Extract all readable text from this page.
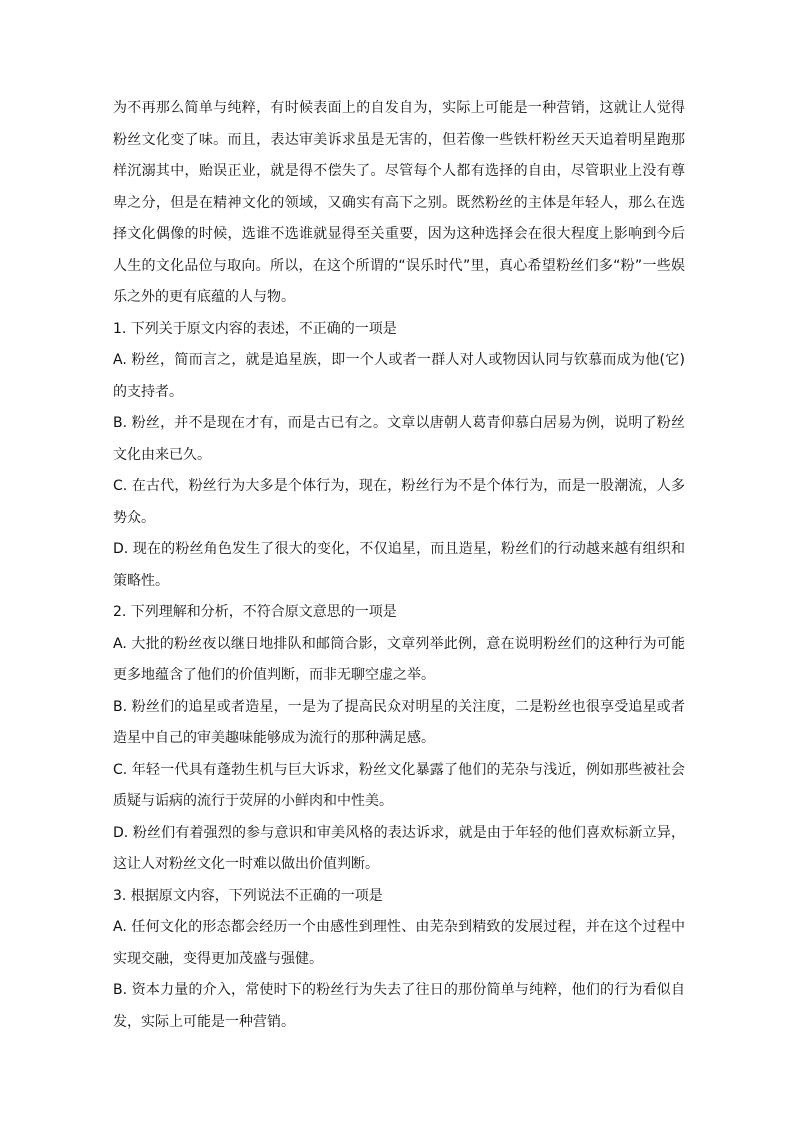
为不再那么简单与纯粹，有时候表面上的自发自为，实际上可能是一种营销，这就让人觉得粉丝文化变了味。而且，表达审美诉求虽是无害的，但若像一些铁杆粉丝天天追着明星跑那样沉溺其中，贻误正业，就是得不偿失了。尽管每个人都有选择的自由，尽管职业上没有尊卑之分，但是在精神文化的领域，又确实有高下之别。既然粉丝的主体是年轻人，那么在选择文化偶像的时候，选谁不选谁就显得至关重要，因为这种选择会在很大程度上影响到今后人生的文化品位与取向。所以，在这个所谓的“误乐时代”里，真心希望粉丝们多“粉”一些娱乐之外的更有底蕴的人与物。

1. 下列关于原文内容的表述，不正确的一项是

A. 粉丝，简而言之，就是追星族，即一个人或者一群人对人或物因认同与钦慕而成为他(它)的支持者。

B. 粉丝，并不是现在才有，而是古已有之。文章以唐朝人葛青仰慕白居易为例，说明了粉丝文化由来已久。

C. 在古代，粉丝行为大多是个体行为，现在，粉丝行为不是个体行为，而是一股潮流，人多势众。

D. 现在的粉丝角色发生了很大的变化，不仅追星，而且造星，粉丝们的行动越来越有组织和策略性。

2. 下列理解和分析，不符合原文意思的一项是

A. 大批的粉丝夜以继日地排队和邮筒合影，文章列举此例，意在说明粉丝们的这种行为可能更多地蕴含了他们的价值判断，而非无聊空虚之举。

B. 粉丝们的追星或者造星，一是为了提高民众对明星的关注度，二是粉丝也很享受追星或者造星中自己的审美趣味能够成为流行的那种满足感。

C. 年轻一代具有蓬勃生机与巨大诉求，粉丝文化暴露了他们的芜杂与浅近，例如那些被社会质疑与诟病的流行于荧屏的小鲜肉和中性美。

D. 粉丝们有着强烈的参与意识和审美风格的表达诉求，就是由于年轻的他们喜欢标新立异，这让人对粉丝文化一时难以做出价值判断。

3. 根据原文内容，下列说法不正确的一项是

A. 任何文化的形态都会经历一个由感性到理性、由芜杂到精致的发展过程，并在这个过程中实现交融，变得更加茂盛与强健。

B. 资本力量的介入，常使时下的粉丝行为失去了往日的那份简单与纯粹，他们的行为看似自发，实际上可能是一种营销。
